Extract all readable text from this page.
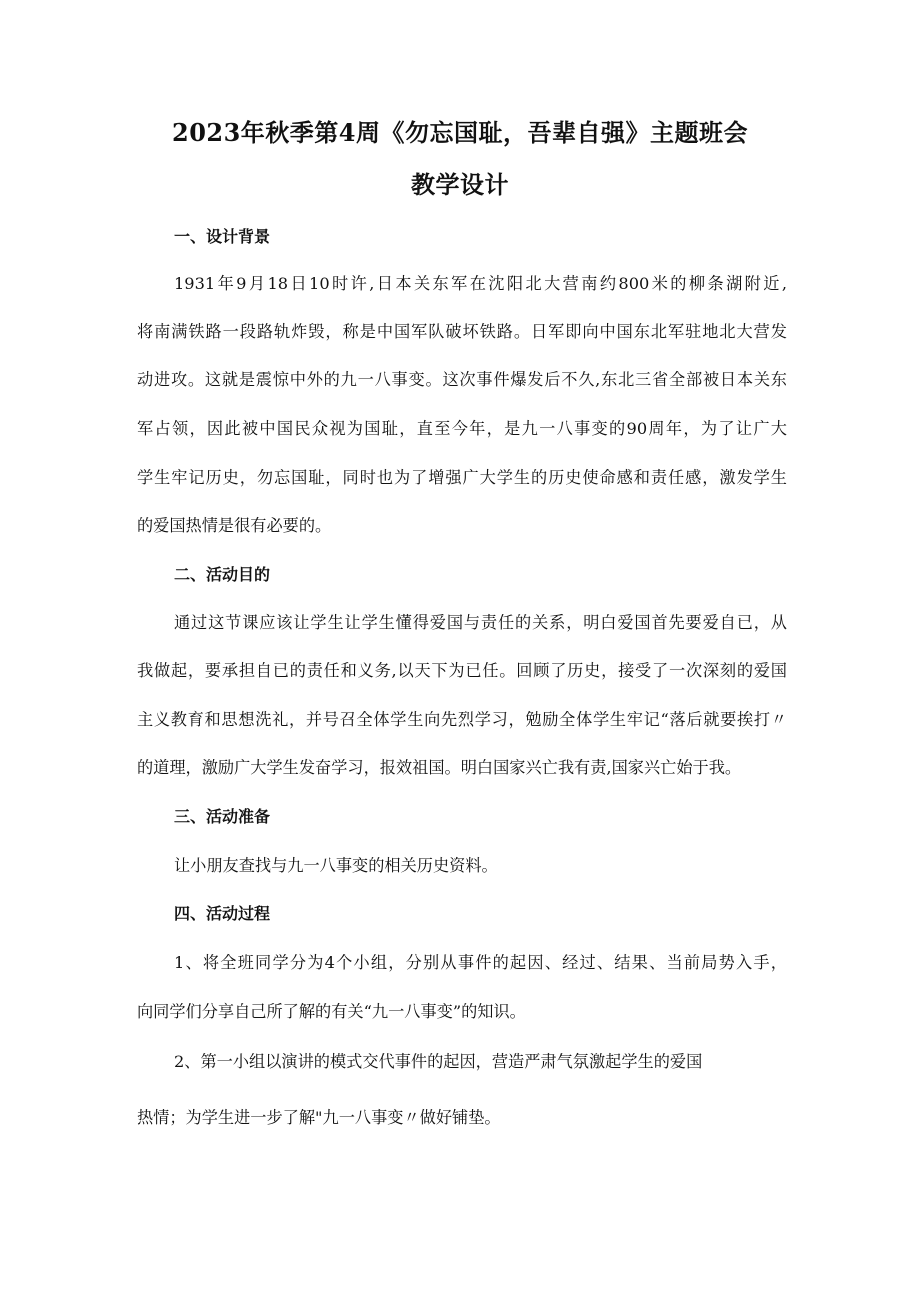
2023年秋季第4周《勿忘国耻，吾辈自强》主题班会
教学设计
一、设计背景
1931年9月18日10时许,日本关东军在沈阳北大营南约800米的柳条湖附近,
将南满铁路一段路轨炸毁，称是中国军队破坏铁路。日军即向中国东北军驻地北大营发
动进攻。这就是震惊中外的九一八事变。这次事件爆发后不久,东北三省全部被日本关东
军占领，因此被中国民众视为国耻，直至今年，是九一八事变的90周年，为了让广大
学生牢记历史，勿忘国耻，同时也为了增强广大学生的历史使命感和责任感，激发学生
的爱国热情是很有必要的。
二、活动目的
通过这节课应该让学生让学生懂得爱国与责任的关系，明白爱国首先要爱自已，从
我做起，要承担自已的责任和义务,以天下为已任。回顾了历史，接受了一次深刻的爱国
主义教育和思想洗礼，并号召全体学生向先烈学习，勉励全体学生牢记“落后就要挨打〃
的道理，激励广大学生发奋学习，报效祖国。明白国家兴亡我有责,国家兴亡始于我。
三、活动准备
让小朋友查找与九一八事变的相关历史资料。
四、活动过程
1、将全班同学分为4个小组，分别从事件的起因、经过、结果、当前局势入手，
向同学们分享自己所了解的有关“九一八事变”的知识。
2、第一小组以演讲的模式交代事件的起因，营造严肃气氛激起学生的爱国
热情；为学生进一步了解"九一八事变〃做好铺垫。
